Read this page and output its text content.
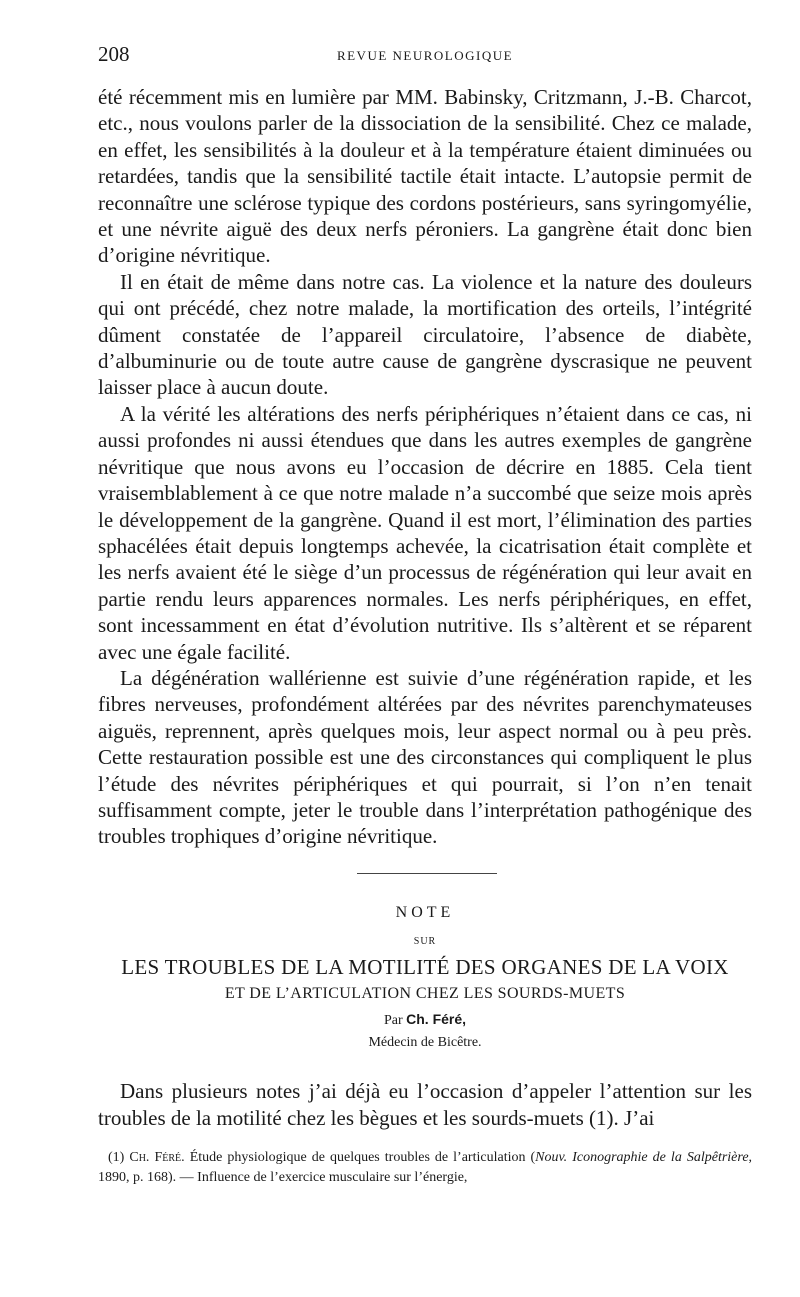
208	REVUE NEUROLOGIQUE

été récemment mis en lumière par MM. Babinsky, Critzmann, J.-B. Charcot, etc., nous voulons parler de la dissociation de la sensibilité. Chez ce malade, en effet, les sensibilités à la douleur et à la température étaient diminuées ou retardées, tandis que la sensibilité tactile était intacte. L’autopsie permit de reconnaître une sclérose typique des cordons postérieurs, sans syringomyélie, et une névrite aiguë des deux nerfs péroniers. La gangrène était donc bien d’origine névritique.

Il en était de même dans notre cas. La violence et la nature des douleurs qui ont précédé, chez notre malade, la mortification des orteils, l’intégrité dûment constatée de l’appareil circulatoire, l’absence de diabète, d’albuminurie ou de toute autre cause de gangrène dyscrasique ne peuvent laisser place à aucun doute.

A la vérité les altérations des nerfs périphériques n’étaient dans ce cas, ni aussi profondes ni aussi étendues que dans les autres exemples de gangrène névritique que nous avons eu l’occasion de décrire en 1885. Cela tient vraisemblablement à ce que notre malade n’a succombé que seize mois après le développement de la gangrène. Quand il est mort, l’élimination des parties sphacélées était depuis longtemps achevée, la cicatrisation était complète et les nerfs avaient été le siège d’un processus de régénération qui leur avait en partie rendu leurs apparences normales. Les nerfs périphériques, en effet, sont incessamment en état d’évolution nutritive. Ils s’altèrent et se réparent avec une égale facilité.

La dégénération wallérienne est suivie d’une régénération rapide, et les fibres nerveuses, profondément altérées par des névrites parenchymateuses aiguës, reprennent, après quelques mois, leur aspect normal ou à peu près. Cette restauration possible est une des circonstances qui compliquent le plus l’étude des névrites périphériques et qui pourrait, si l’on n’en tenait suffisamment compte, jeter le trouble dans l’interprétation pathogénique des troubles trophiques d’origine névritique.

NOTE

SUR

LES TROUBLES DE LA MOTILITÉ DES ORGANES DE LA VOIX

ET DE L’ARTICULATION CHEZ LES SOURDS-MUETS

Par Ch. Féré,

Médecin de Bicêtre.

Dans plusieurs notes j’ai déjà eu l’occasion d’appeler l’attention sur les troubles de la motilité chez les bègues et les sourds-muets (1). J’ai

(1) Ch. Féré. Étude physiologique de quelques troubles de l’articulation (Nouv. Iconographie de la Salpêtrière, 1890, p. 168). — Influence de l’exercice musculaire sur l’énergie,
